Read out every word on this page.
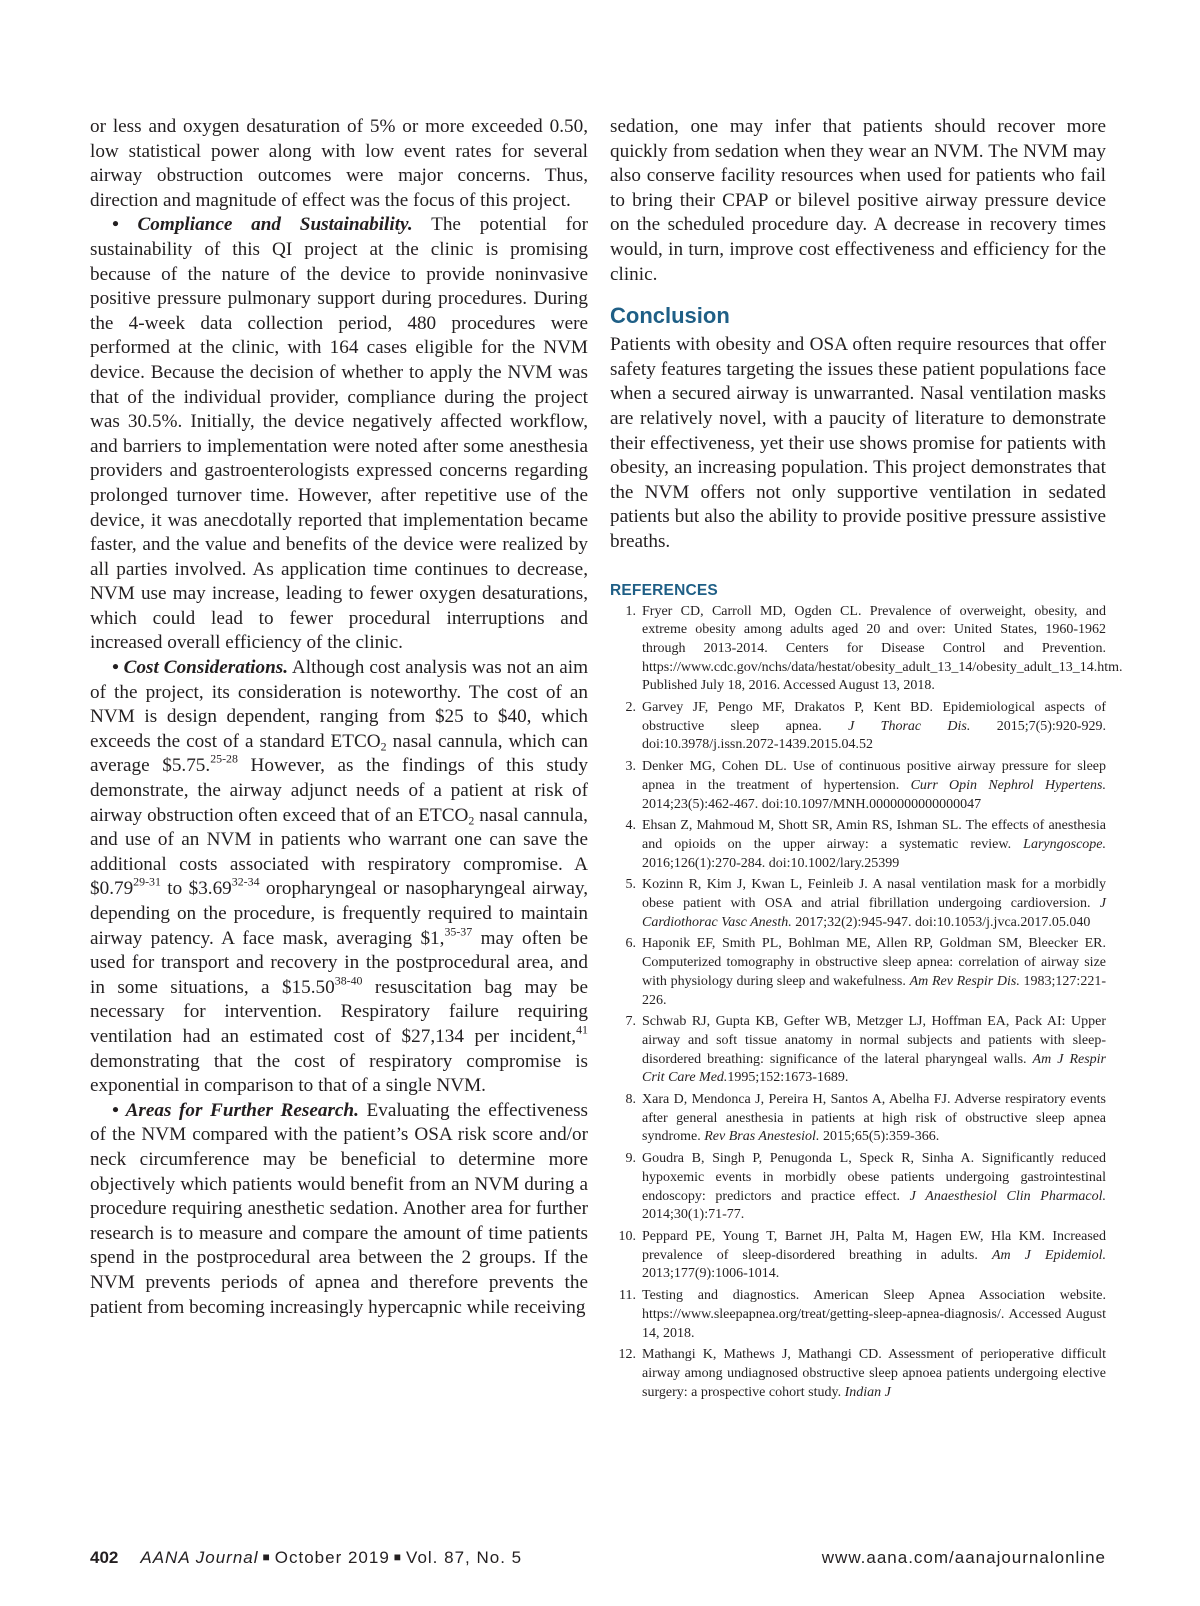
or less and oxygen desaturation of 5% or more exceeded 0.50, low statistical power along with low event rates for several airway obstruction outcomes were major concerns. Thus, direction and magnitude of effect was the focus of this project.

• Compliance and Sustainability. The potential for sustainability of this QI project at the clinic is promising because of the nature of the device to provide noninvasive positive pressure pulmonary support during procedures. During the 4-week data collection period, 480 procedures were performed at the clinic, with 164 cases eligible for the NVM device. Because the decision of whether to apply the NVM was that of the individual provider, compliance during the project was 30.5%. Initially, the device negatively affected workflow, and barriers to implementation were noted after some anesthesia providers and gastroenterologists expressed concerns regarding prolonged turnover time. However, after repetitive use of the device, it was anecdotally reported that implementation became faster, and the value and benefits of the device were realized by all parties involved. As application time continues to decrease, NVM use may increase, leading to fewer oxygen desaturations, which could lead to fewer procedural interruptions and increased overall efficiency of the clinic.

• Cost Considerations. Although cost analysis was not an aim of the project, its consideration is noteworthy. The cost of an NVM is design dependent, ranging from $25 to $40, which exceeds the cost of a standard $ETCO_2$ nasal cannula, which can average $5.75.$^{25-28}$ However, as the findings of this study demonstrate, the airway adjunct needs of a patient at risk of airway obstruction often exceed that of an $ETCO_2$ nasal cannula, and use of an NVM in patients who warrant one can save the additional costs associated with respiratory compromise. A $0.79$^{29-31}$ to $3.69$^{32-34}$ oropharyngeal or nasopharyngeal airway, depending on the procedure, is frequently required to maintain airway patency. A face mask, averaging $1,$^{35-37}$ may often be used for transport and recovery in the postprocedural area, and in some situations, a $15.50$^{38-40}$ resuscitation bag may be necessary for intervention. Respiratory failure requiring ventilation had an estimated cost of $27,134 per incident,$^{41}$ demonstrating that the cost of respiratory compromise is exponential in comparison to that of a single NVM.

• Areas for Further Research. Evaluating the effectiveness of the NVM compared with the patient’s OSA risk score and/or neck circumference may be beneficial to determine more objectively which patients would benefit from an NVM during a procedure requiring anesthetic sedation. Another area for further research is to measure and compare the amount of time patients spend in the postprocedural area between the 2 groups. If the NVM prevents periods of apnea and therefore prevents the patient from becoming increasingly hypercapnic while receiving

sedation, one may infer that patients should recover more quickly from sedation when they wear an NVM. The NVM may also conserve facility resources when used for patients who fail to bring their CPAP or bilevel positive airway pressure device on the scheduled procedure day. A decrease in recovery times would, in turn, improve cost effectiveness and efficiency for the clinic.

Conclusion

Patients with obesity and OSA often require resources that offer safety features targeting the issues these patient populations face when a secured airway is unwarranted. Nasal ventilation masks are relatively novel, with a paucity of literature to demonstrate their effectiveness, yet their use shows promise for patients with obesity, an increasing population. This project demonstrates that the NVM offers not only supportive ventilation in sedated patients but also the ability to provide positive pressure assistive breaths.

REFERENCES
1. Fryer CD, Carroll MD, Ogden CL. Prevalence of overweight, obesity, and extreme obesity among adults aged 20 and over: United States, 1960-1962 through 2013-2014. Centers for Disease Control and Prevention. https://www.cdc.gov/nchs/data/hestat/obesity_adult_13_14/obesity_adult_13_14.htm. Published July 18, 2016. Accessed August 13, 2018.
2. Garvey JF, Pengo MF, Drakatos P, Kent BD. Epidemiological aspects of obstructive sleep apnea. J Thorac Dis. 2015;7(5):920-929. doi:10.3978/j.issn.2072-1439.2015.04.52
3. Denker MG, Cohen DL. Use of continuous positive airway pressure for sleep apnea in the treatment of hypertension. Curr Opin Nephrol Hypertens. 2014;23(5):462-467. doi:10.1097/MNH.0000000000000047
4. Ehsan Z, Mahmoud M, Shott SR, Amin RS, Ishman SL. The effects of anesthesia and opioids on the upper airway: a systematic review. Laryngoscope. 2016;126(1):270-284. doi:10.1002/lary.25399
5. Kozinn R, Kim J, Kwan L, Feinleib J. A nasal ventilation mask for a morbidly obese patient with OSA and atrial fibrillation undergoing cardioversion. J Cardiothorac Vasc Anesth. 2017;32(2):945-947. doi:10.1053/j.jvca.2017.05.040
6. Haponik EF, Smith PL, Bohlman ME, Allen RP, Goldman SM, Bleecker ER. Computerized tomography in obstructive sleep apnea: correlation of airway size with physiology during sleep and wakefulness. Am Rev Respir Dis. 1983;127:221-226.
7. Schwab RJ, Gupta KB, Gefter WB, Metzger LJ, Hoffman EA, Pack AI: Upper airway and soft tissue anatomy in normal subjects and patients with sleep-disordered breathing: significance of the lateral pharyngeal walls. Am J Respir Crit Care Med.1995;152:1673-1689.
8. Xara D, Mendonca J, Pereira H, Santos A, Abelha FJ. Adverse respiratory events after general anesthesia in patients at high risk of obstructive sleep apnea syndrome. Rev Bras Anestesiol. 2015;65(5):359-366.
9. Goudra B, Singh P, Penugonda L, Speck R, Sinha A. Significantly reduced hypoxemic events in morbidly obese patients undergoing gastrointestinal endoscopy: predictors and practice effect. J Anaesthesiol Clin Pharmacol. 2014;30(1):71-77.
10. Peppard PE, Young T, Barnet JH, Palta M, Hagen EW, Hla KM. Increased prevalence of sleep-disordered breathing in adults. Am J Epidemiol. 2013;177(9):1006-1014.
11. Testing and diagnostics. American Sleep Apnea Association website. https://www.sleepapnea.org/treat/getting-sleep-apnea-diagnosis/. Accessed August 14, 2018.
12. Mathangi K, Mathews J, Mathangi CD. Assessment of perioperative difficult airway among undiagnosed obstructive sleep apnoea patients undergoing elective surgery: a prospective cohort study. Indian J
402 AANA Journal ■ October 2019 ■ Vol. 87, No. 5	www.aana.com/aanajournalonline
